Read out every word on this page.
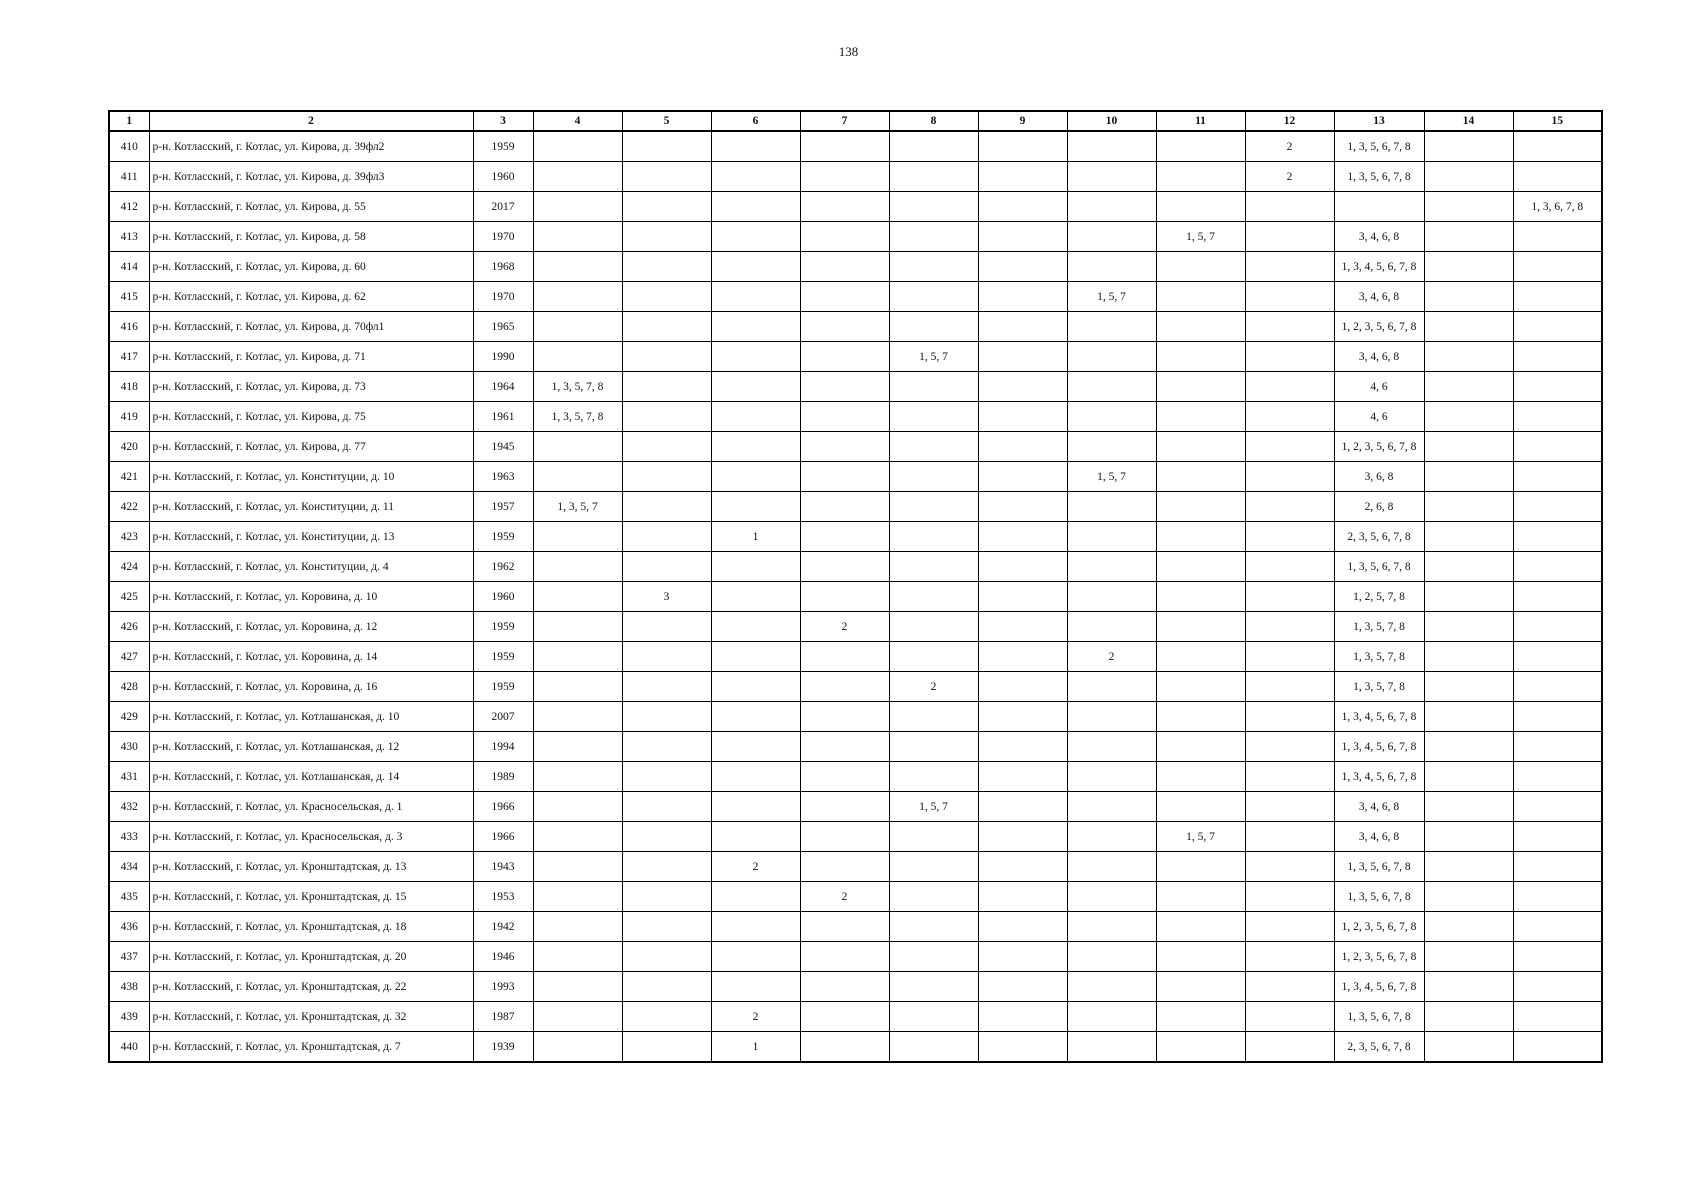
138
1	2	3	4	5	6	7	8	9	10	11	12	13	14	15
410	р-н. Котласский, г. Котлас, ул. Кирова, д. 39фл2	1959									2	1, 3, 5, 6, 7, 8		
411	р-н. Котласский, г. Котлас, ул. Кирова, д. 39фл3	1960									2	1, 3, 5, 6, 7, 8		
412	р-н. Котласский, г. Котлас, ул. Кирова, д. 55	2017												1, 3, 6, 7, 8
413	р-н. Котласский, г. Котлас, ул. Кирова, д. 58	1970								1, 5, 7		3, 4, 6, 8		
414	р-н. Котласский, г. Котлас, ул. Кирова, д. 60	1968										1, 3, 4, 5, 6, 7, 8		
415	р-н. Котласский, г. Котлас, ул. Кирова, д. 62	1970							1, 5, 7			3, 4, 6, 8		
416	р-н. Котласский, г. Котлас, ул. Кирова, д. 70фл1	1965										1, 2, 3, 5, 6, 7, 8		
417	р-н. Котласский, г. Котлас, ул. Кирова, д. 71	1990					1, 5, 7					3, 4, 6, 8		
418	р-н. Котласский, г. Котлас, ул. Кирова, д. 73	1964	1, 3, 5, 7, 8									4, 6		
419	р-н. Котласский, г. Котлас, ул. Кирова, д. 75	1961	1, 3, 5, 7, 8									4, 6		
420	р-н. Котласский, г. Котлас, ул. Кирова, д. 77	1945										1, 2, 3, 5, 6, 7, 8		
421	р-н. Котласский, г. Котлас, ул. Конституции, д. 10	1963							1, 5, 7			3, 6, 8		
422	р-н. Котласский, г. Котлас, ул. Конституции, д. 11	1957	1, 3, 5, 7									2, 6, 8		
423	р-н. Котласский, г. Котлас, ул. Конституции, д. 13	1959			1							2, 3, 5, 6, 7, 8		
424	р-н. Котласский, г. Котлас, ул. Конституции, д. 4	1962										1, 3, 5, 6, 7, 8		
425	р-н. Котласский, г. Котлас, ул. Коровина, д. 10	1960		3								1, 2, 5, 7, 8		
426	р-н. Котласский, г. Котлас, ул. Коровина, д. 12	1959				2						1, 3, 5, 7, 8		
427	р-н. Котласский, г. Котлас, ул. Коровина, д. 14	1959							2			1, 3, 5, 7, 8		
428	р-н. Котласский, г. Котлас, ул. Коровина, д. 16	1959					2					1, 3, 5, 7, 8		
429	р-н. Котласский, г. Котлас, ул. Котлашанская, д. 10	2007										1, 3, 4, 5, 6, 7, 8		
430	р-н. Котласский, г. Котлас, ул. Котлашанская, д. 12	1994										1, 3, 4, 5, 6, 7, 8		
431	р-н. Котласский, г. Котлас, ул. Котлашанская, д. 14	1989										1, 3, 4, 5, 6, 7, 8		
432	р-н. Котласский, г. Котлас, ул. Красносельская, д. 1	1966					1, 5, 7					3, 4, 6, 8		
433	р-н. Котласский, г. Котлас, ул. Красносельская, д. 3	1966								1, 5, 7		3, 4, 6, 8		
434	р-н. Котласский, г. Котлас, ул. Кронштадтская, д. 13	1943			2							1, 3, 5, 6, 7, 8		
435	р-н. Котласский, г. Котлас, ул. Кронштадтская, д. 15	1953				2						1, 3, 5, 6, 7, 8		
436	р-н. Котласский, г. Котлас, ул. Кронштадтская, д. 18	1942										1, 2, 3, 5, 6, 7, 8		
437	р-н. Котласский, г. Котлас, ул. Кронштадтская, д. 20	1946										1, 2, 3, 5, 6, 7, 8		
438	р-н. Котласский, г. Котлас, ул. Кронштадтская, д. 22	1993										1, 3, 4, 5, 6, 7, 8		
439	р-н. Котласский, г. Котлас, ул. Кронштадтская, д. 32	1987			2							1, 3, 5, 6, 7, 8		
440	р-н. Котласский, г. Котлас, ул. Кронштадтская, д. 7	1939			1							2, 3, 5, 6, 7, 8		
